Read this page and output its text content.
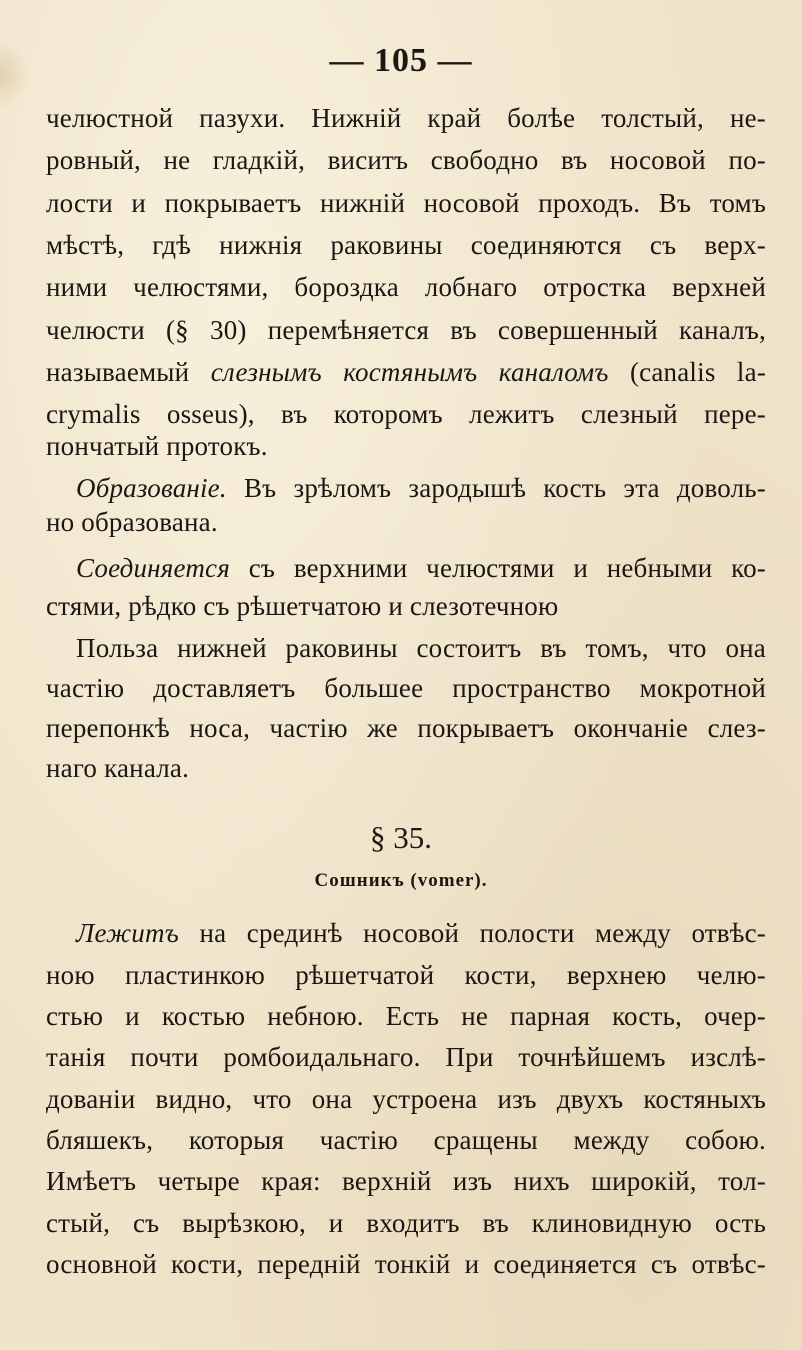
— 105 —
челюстной пазухи. Нижній край болѣе толстый, не-
ровный, не гладкій, виситъ свободно въ носовой по-
лости и покрываетъ нижній носовой проходъ. Въ томъ
мѣстѣ, гдѣ нижнія раковины соединяются съ верх-
ними челюстями, бороздка лобнаго отростка верхней
челюсти (§ 30) перемѣняется въ совершенный каналъ,
называемый слезнымъ костянымъ каналомъ (canalis la-
crymalis osseus), въ которомъ лежитъ слезный пере-
пончатый протокъ.
Образованіе. Въ зрѣломъ зародышѣ кость эта доволь-
но образована.
Соединяется съ верхними челюстями и небными ко-
стями, рѣдко съ рѣшетчатою и слезотечною
Польза нижней раковины состоитъ въ томъ, что она
частію доставляетъ большее пространство мокротной
перепонкѣ носа, частію же покрываетъ окончаніе слез-
наго канала.
§ 35.
Сошникъ (vomer).
Лежитъ на срединѣ носовой полости между отвѣс-
ною пластинкою рѣшетчатой кости, верхнею челю-
стью и костью небною. Есть не парная кость, очер-
танія почти ромбоидальнаго. При точнѣйшемъ изслѣ-
дованіи видно, что она устроена изъ двухъ костяныхъ
бляшекъ, которыя частію сращены между собою.
Имѣетъ четыре края: верхній изъ нихъ широкій, тол-
стый, съ вырѣзкою, и входитъ въ клиновидную ость
основной кости, передній тонкій и соединяется съ отвѣс-
